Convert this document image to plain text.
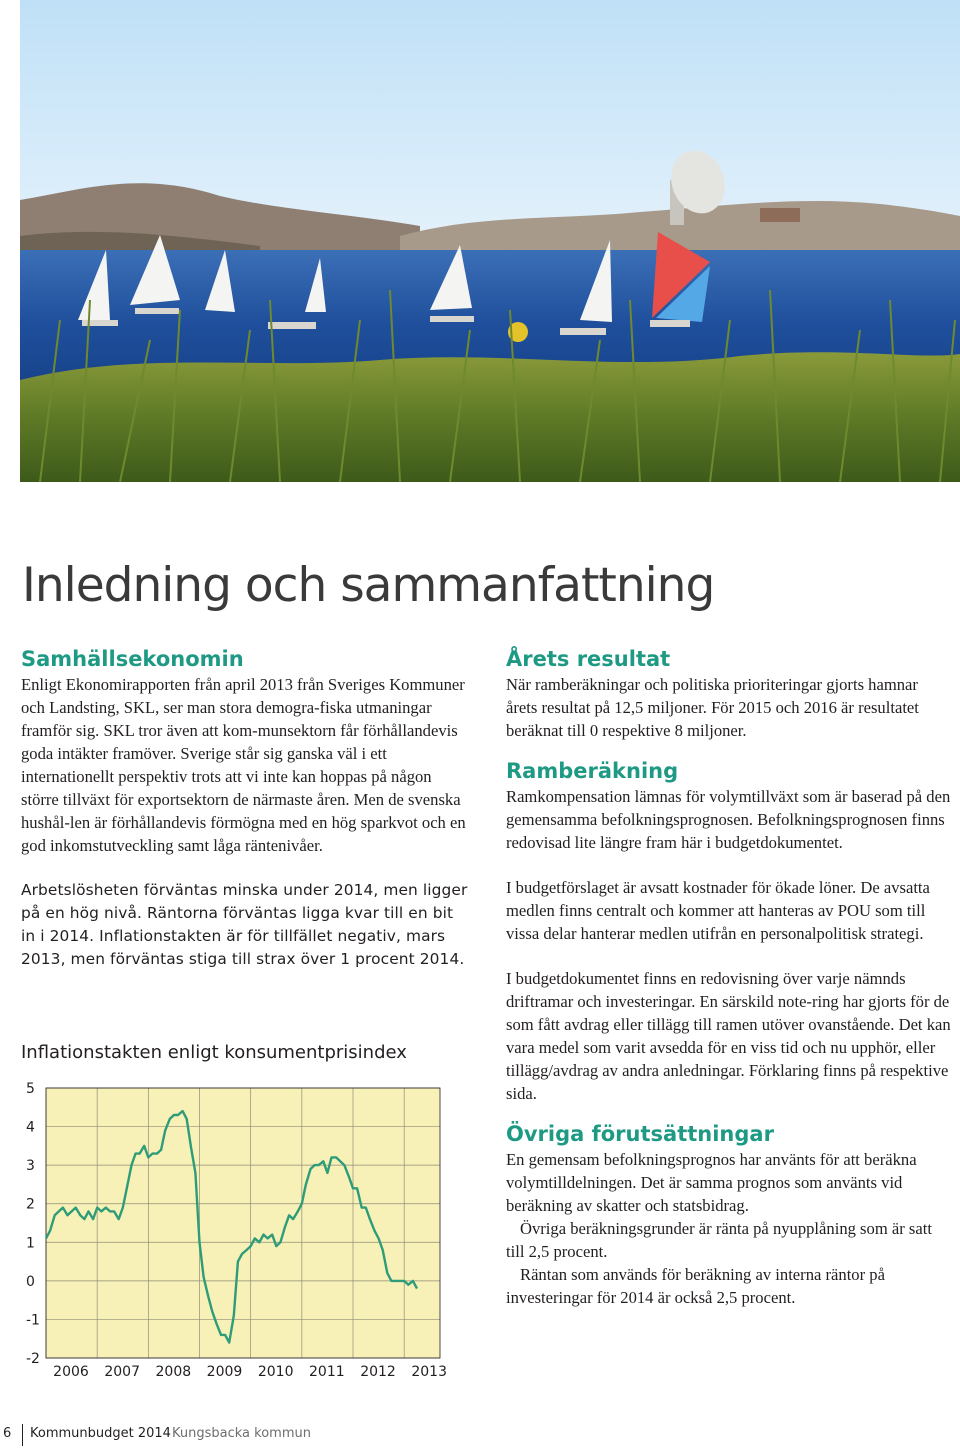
Inledning och sammanfattning
Samhällsekonomin

Enligt Ekonomirapporten från april 2013 från Sveriges Kommuner och Landsting, SKL, ser man stora demogra-fiska utmaningar framför sig. SKL tror även att kom-munsektorn får förhållandevis goda intäkter framöver. Sverige står sig ganska väl i ett internationellt perspektiv trots att vi inte kan hoppas på någon större tillväxt för exportsektorn de närmaste åren. Men de svenska hushål-len är förhållandevis förmögna med en hög sparkvot och en god inkomstutveckling samt låga räntenivåer.

Arbetslösheten förväntas minska under 2014, men ligger på en hög nivå. Räntorna förväntas ligga kvar till en bit in i 2014. Inflationstakten är för tillfället negativ, mars 2013, men förväntas stiga till strax över 1 procent 2014.

Inflationstakten enligt konsumentprisindex
5
4
3
2
1
0
-1
-2
2006 2007 2008 2009 2010 2011 2012 2013
Årets resultat

När ramberäkningar och politiska prioriteringar gjorts hamnar årets resultat på 12,5 miljoner. För 2015 och 2016 är resultatet beräknat till 0 respektive 8 miljoner.

Ramberäkning

Ramkompensation lämnas för volymtillväxt som är baserad på den gemensamma befolkningsprognosen. Befolkningsprognosen finns redovisad lite längre fram här i budgetdokumentet.

I budgetförslaget är avsatt kostnader för ökade löner. De avsatta medlen finns centralt och kommer att hanteras av POU som till vissa delar hanterar medlen utifrån en personalpolitisk strategi.

I budgetdokumentet finns en redovisning över varje nämnds driftramar och investeringar. En särskild note-ring har gjorts för de som fått avdrag eller tillägg till ramen utöver ovanstående. Det kan vara medel som varit avsedda för en viss tid och nu upphör, eller tillägg/avdrag av andra anledningar. Förklaring finns på respektive sida.

Övriga förutsättningar

En gemensam befolkningsprognos har använts för att beräkna volymtilldelningen. Det är samma prognos som använts vid beräkning av skatter och statsbidrag.

Övriga beräkningsgrunder är ränta på nyupplåning som är satt till 2,5 procent.

Räntan som används för beräkning av interna räntor på investeringar för 2014 är också 2,5 procent.

6 Kommunbudget 2014 Kungsbacka kommun
